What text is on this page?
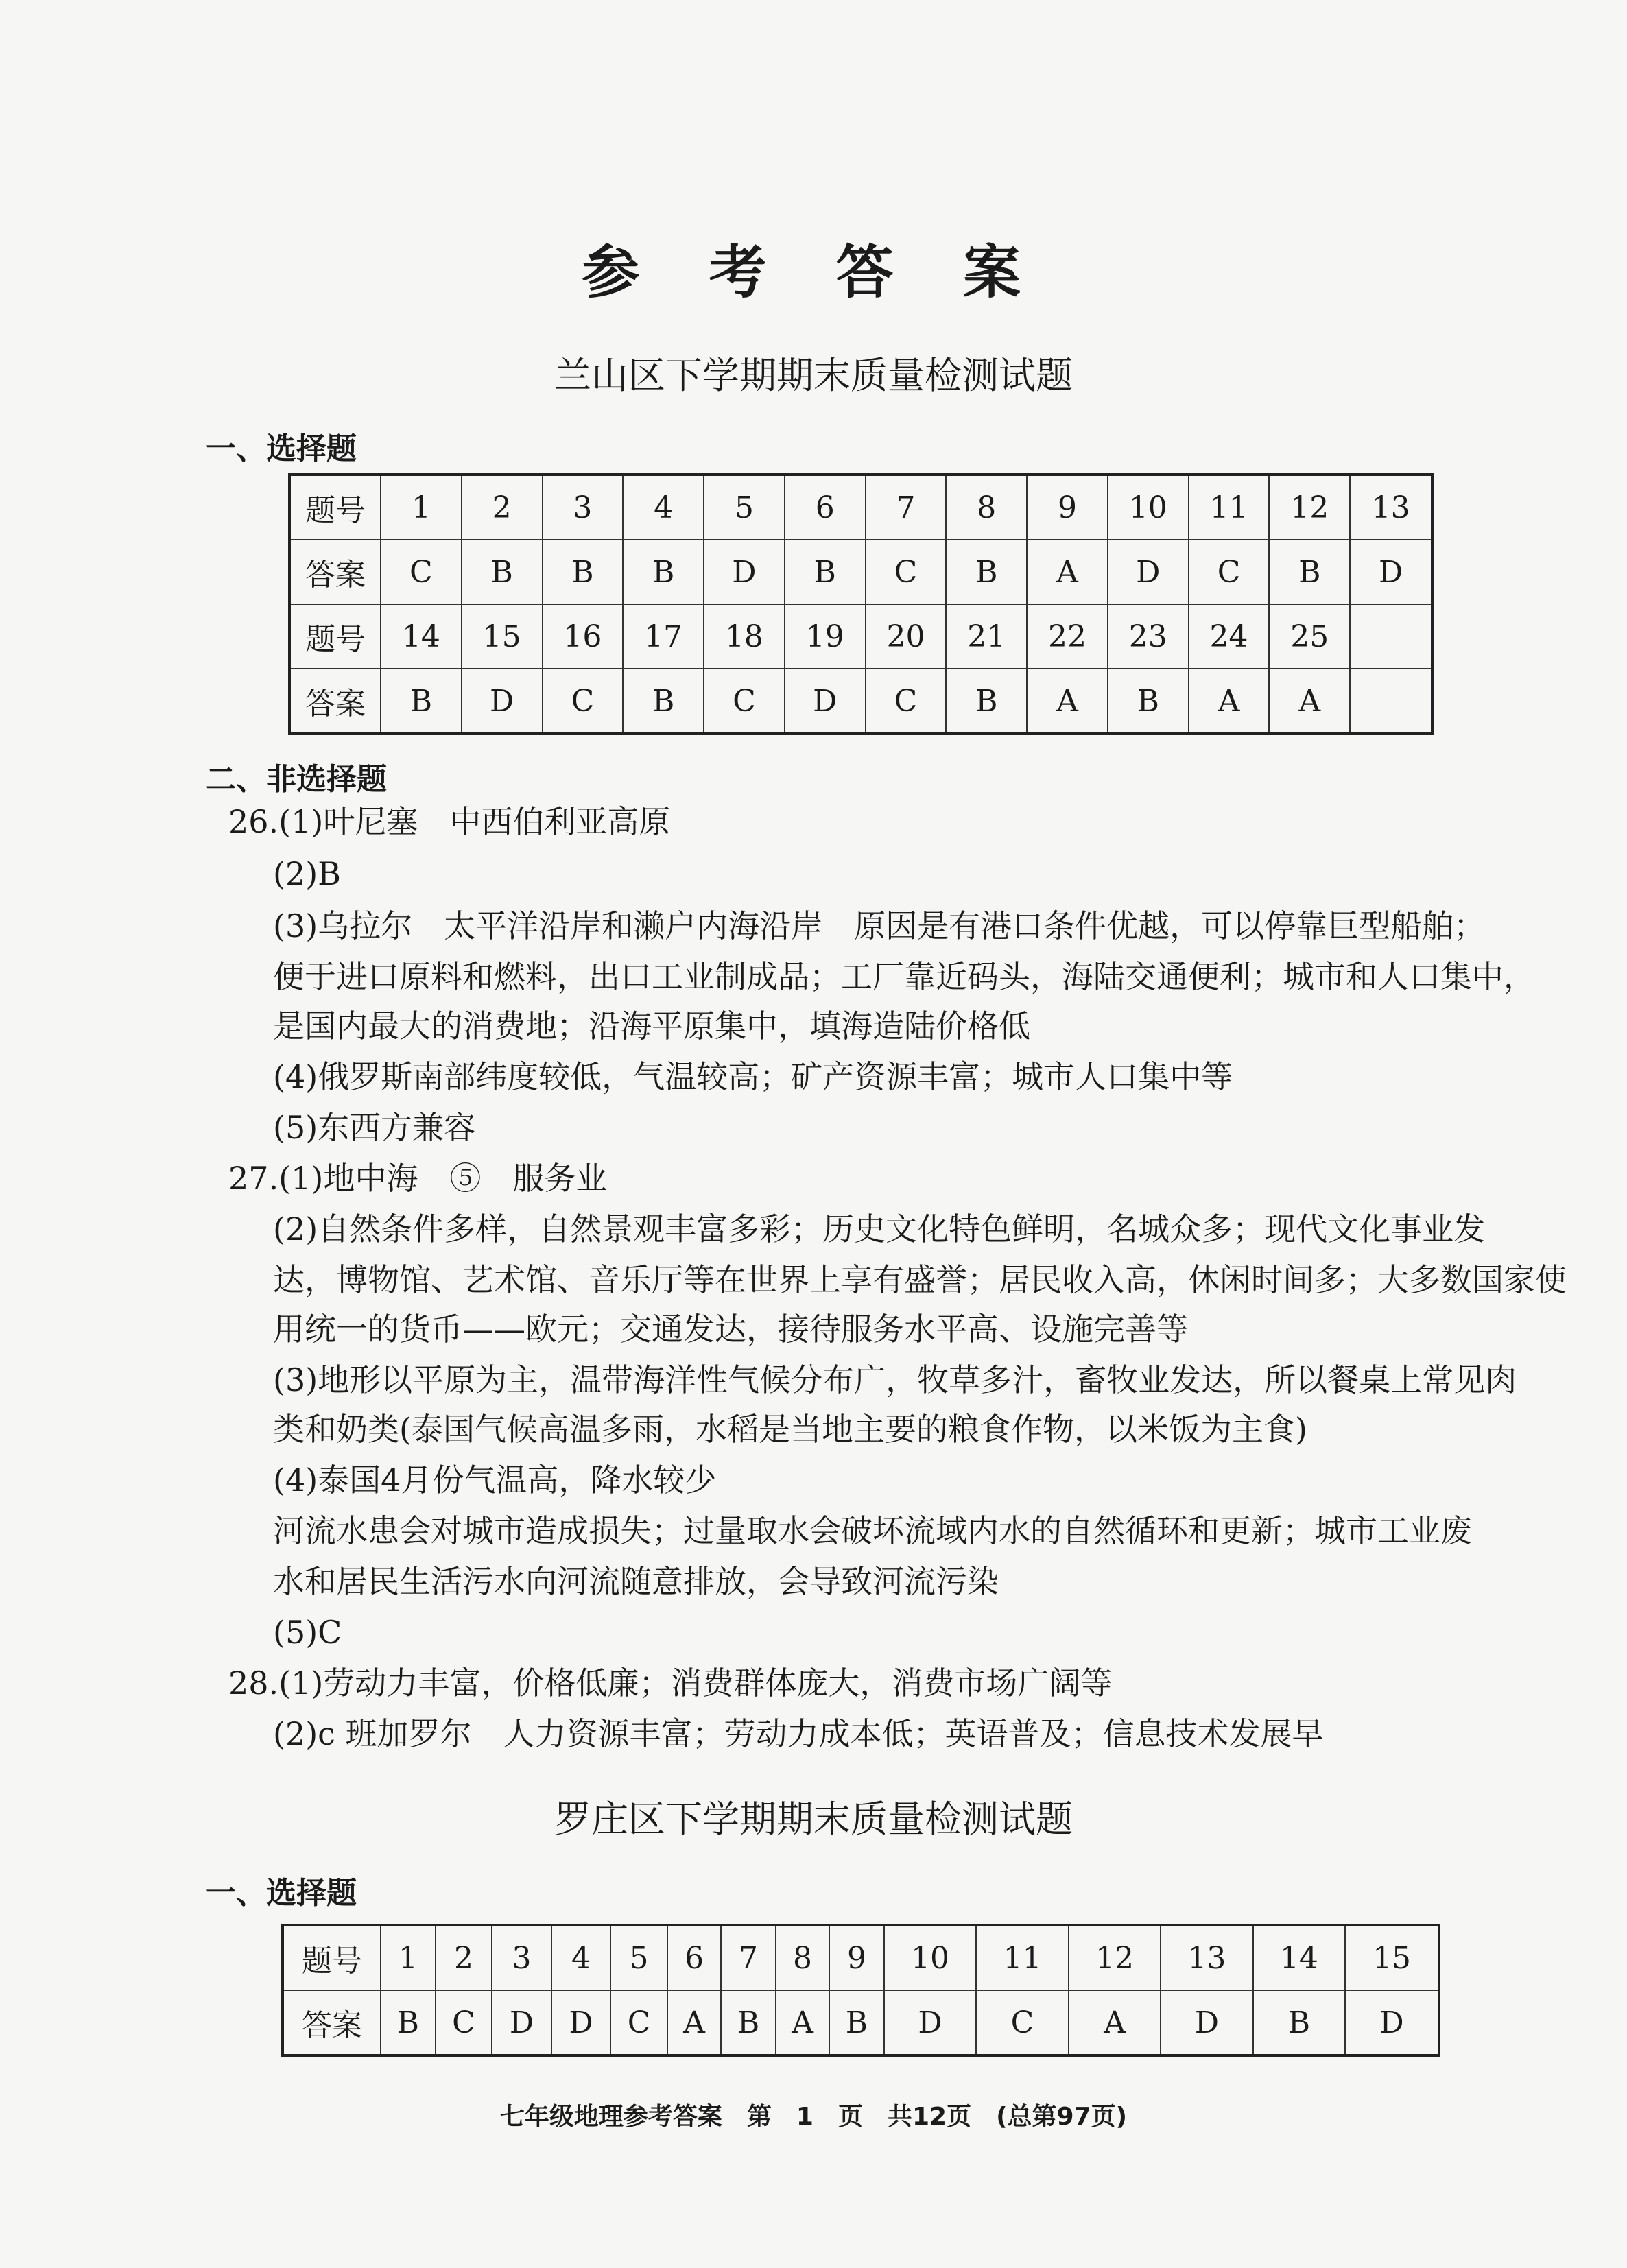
参 考 答 案
兰山区下学期期末质量检测试题
一、选择题
题号	1	2	3	4	5	6	7	8	9	10	11	12	13
答案	C	B	B	B	D	B	C	B	A	D	C	B	D
题号	14	15	16	17	18	19	20	21	22	23	24	25	
答案	B	D	C	B	C	D	C	B	A	B	A	A	
二、非选择题
26.(1)叶尼塞　中西伯利亚高原
(2)B
(3)乌拉尔　太平洋沿岸和濑户内海沿岸　原因是有港口条件优越，可以停靠巨型船舶；
便于进口原料和燃料，出口工业制成品；工厂靠近码头，海陆交通便利；城市和人口集中，
是国内最大的消费地；沿海平原集中，填海造陆价格低
(4)俄罗斯南部纬度较低，气温较高；矿产资源丰富；城市人口集中等
(5)东西方兼容
27.(1)地中海　⑤　服务业
(2)自然条件多样，自然景观丰富多彩；历史文化特色鲜明，名城众多；现代文化事业发
达，博物馆、艺术馆、音乐厅等在世界上享有盛誉；居民收入高，休闲时间多；大多数国家使
用统一的货币——欧元；交通发达，接待服务水平高、设施完善等
(3)地形以平原为主，温带海洋性气候分布广，牧草多汁，畜牧业发达，所以餐桌上常见肉
类和奶类(泰国气候高温多雨，水稻是当地主要的粮食作物，以米饭为主食)
(4)泰国4月份气温高，降水较少
河流水患会对城市造成损失；过量取水会破坏流域内水的自然循环和更新；城市工业废
水和居民生活污水向河流随意排放，会导致河流污染
(5)C
28.(1)劳动力丰富，价格低廉；消费群体庞大，消费市场广阔等
(2)c 班加罗尔　人力资源丰富；劳动力成本低；英语普及；信息技术发展早
罗庄区下学期期末质量检测试题
一、选择题
题号	1	2	3	4	5	6	7	8	9	10	11	12	13	14	15
答案	B	C	D	D	C	A	B	A	B	D	C	A	D	B	D
七年级地理参考答案　第　1　页　共12页　(总第97页)
